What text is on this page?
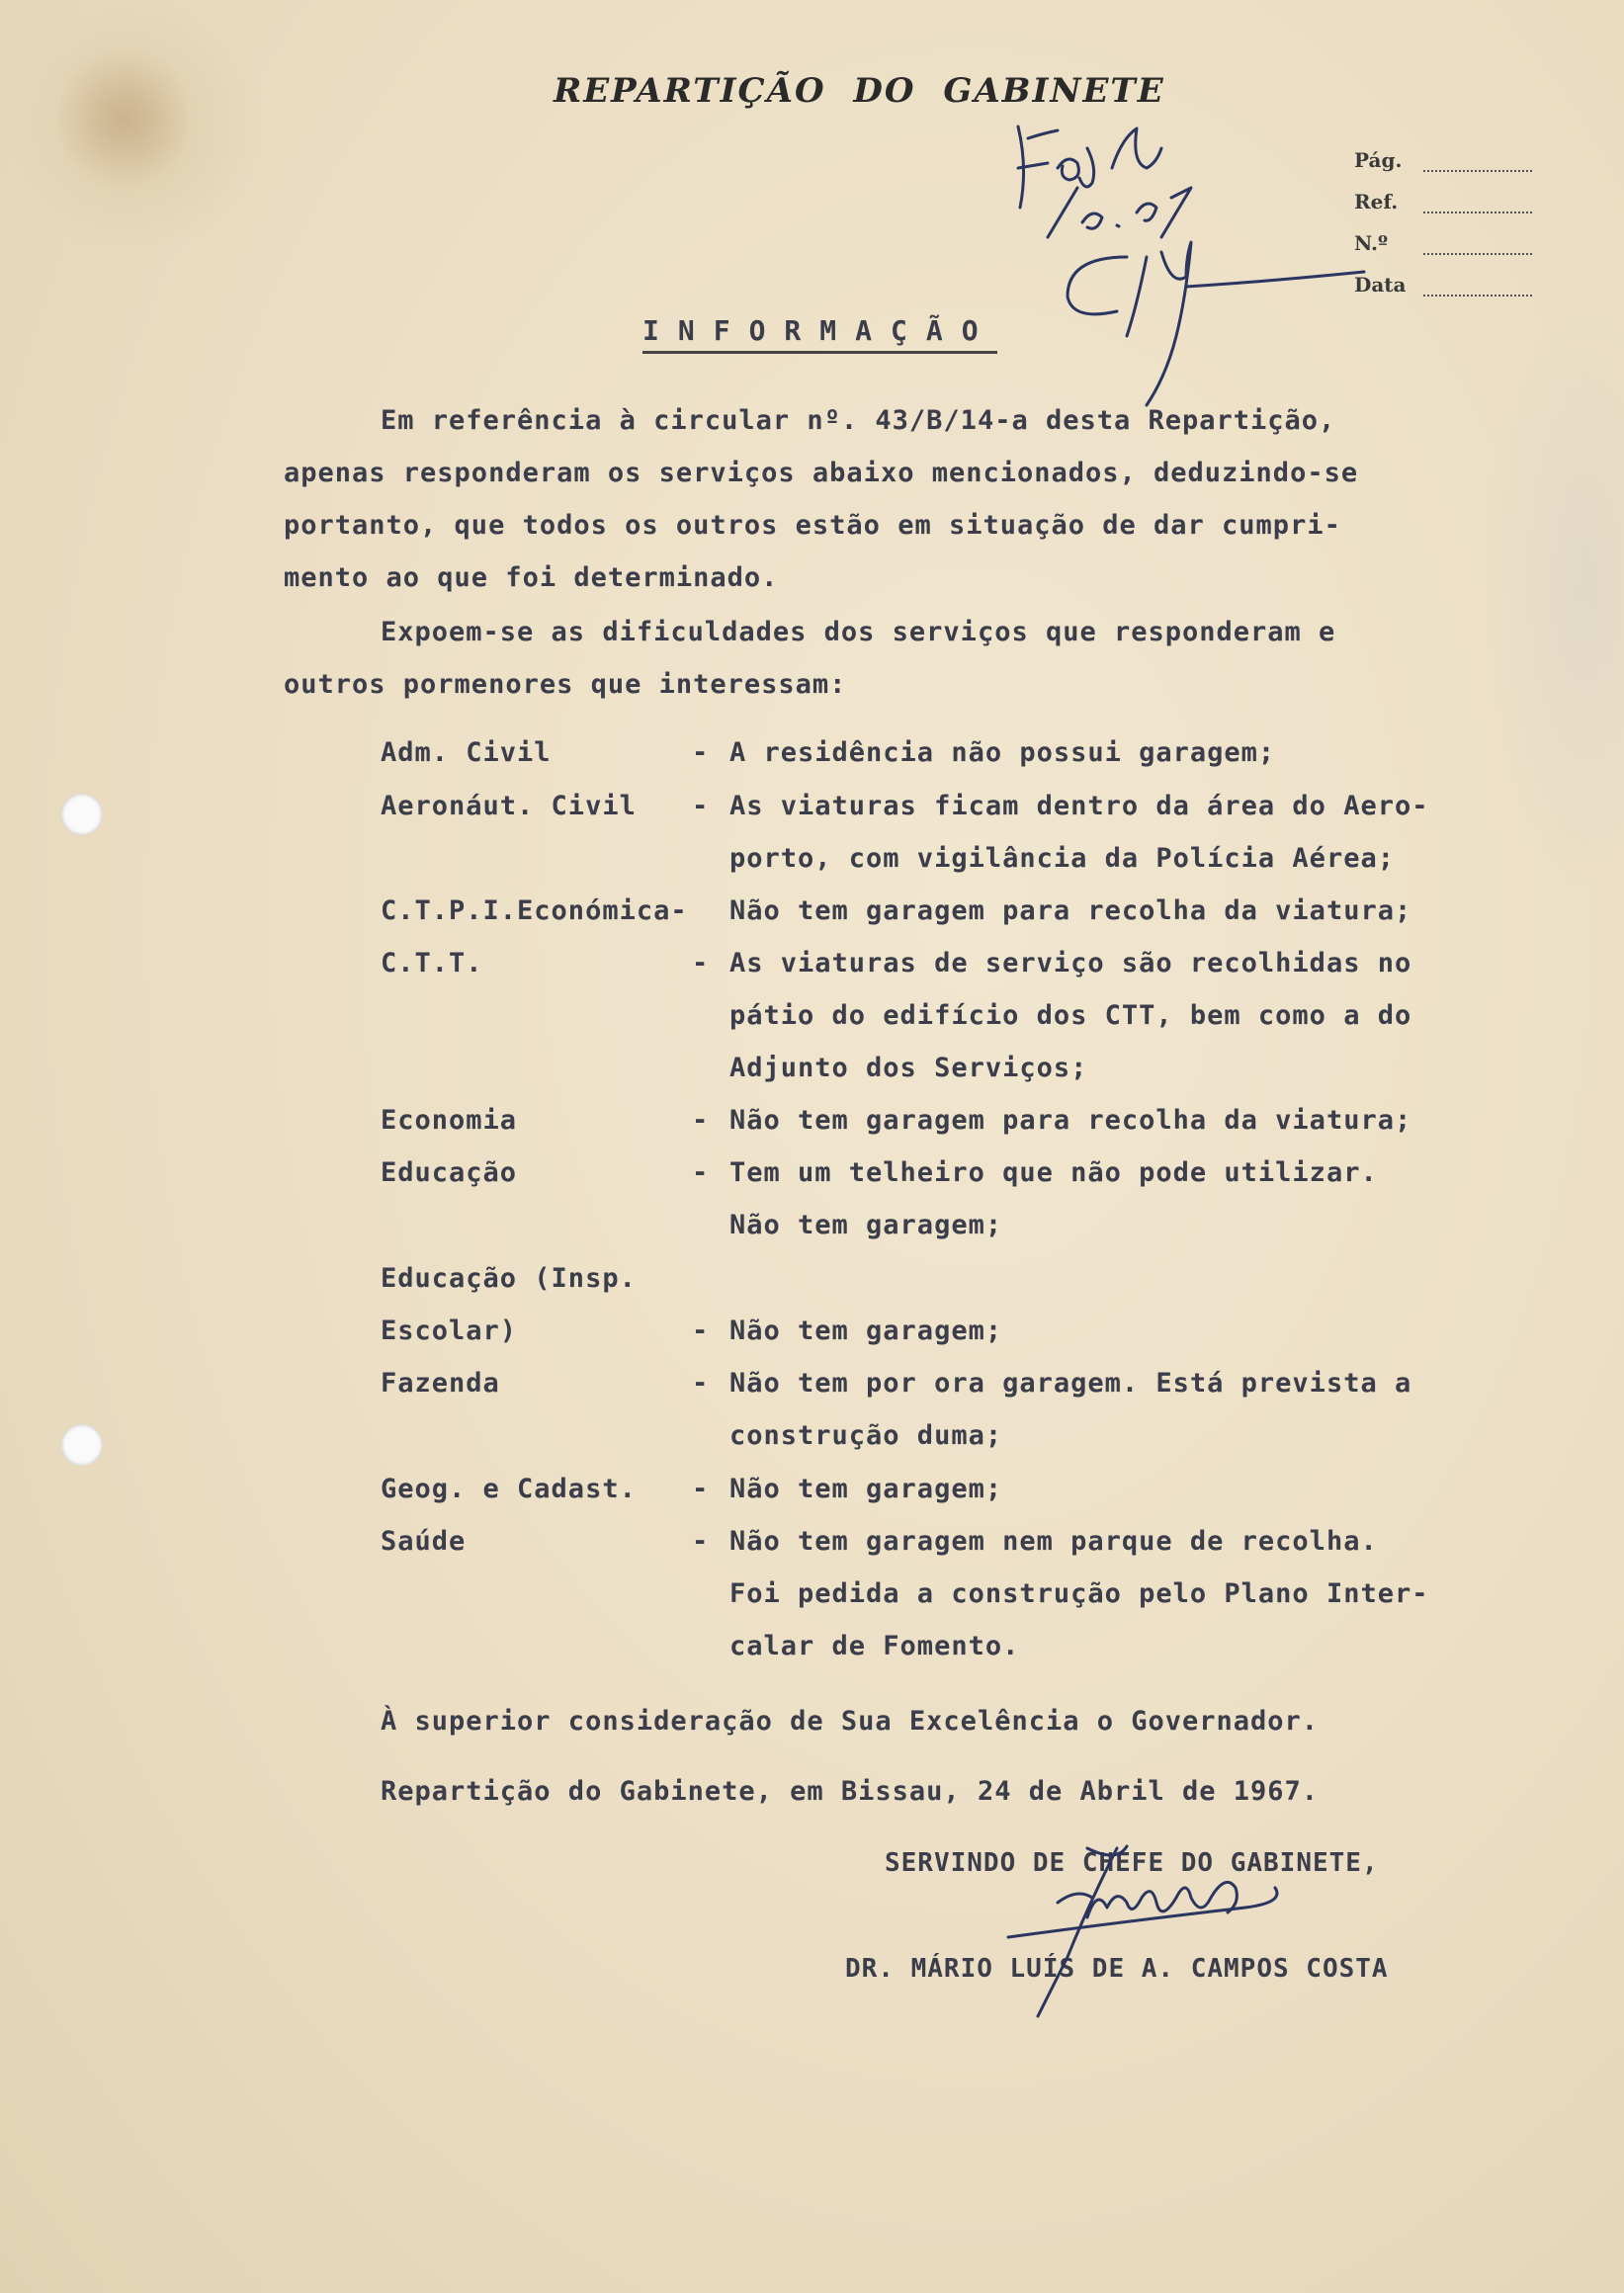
REPARTIÇÃO DO GABINETE
Pág.
Ref.
N.º
Data
INFORMAÇÃO
Em referência à circular nº. 43/B/14-a desta Repartição,
apenas responderam os serviços abaixo mencionados, deduzindo-se
portanto, que todos os outros estão em situação de dar cumpri-
mento ao que foi determinado.
Expoem-se as dificuldades dos serviços que responderam e
outros pormenores que interessam:
Adm. Civil	- A residência não possui garagem;
Aeronáut. Civil - As viaturas ficam dentro da área do Aero-
porto, com vigilância da Polícia Aérea;
C.T.P.I.Económica- Não tem garagem para recolha da viatura;
C.T.T.	- As viaturas de serviço são recolhidas no
pátio do edifício dos CTT, bem como a do
Adjunto dos Serviços;
Economia	- Não tem garagem para recolha da viatura;
Educação	- Tem um telheiro que não pode utilizar.
Não tem garagem;
Educação (Insp.
Escolar)	- Não tem garagem;
Fazenda	- Não tem por ora garagem. Está prevista a
construção duma;
Geog. e Cadast. - Não tem garagem;
Saúde	- Não tem garagem nem parque de recolha.
Foi pedida a construção pelo Plano Inter-
calar de Fomento.
À superior consideração de Sua Excelência o Governador.
Repartição do Gabinete, em Bissau, 24 de Abril de 1967.
SERVINDO DE CHEFE DO GABINETE,
DR. MÁRIO LUÍS DE A. CAMPOS COSTA
